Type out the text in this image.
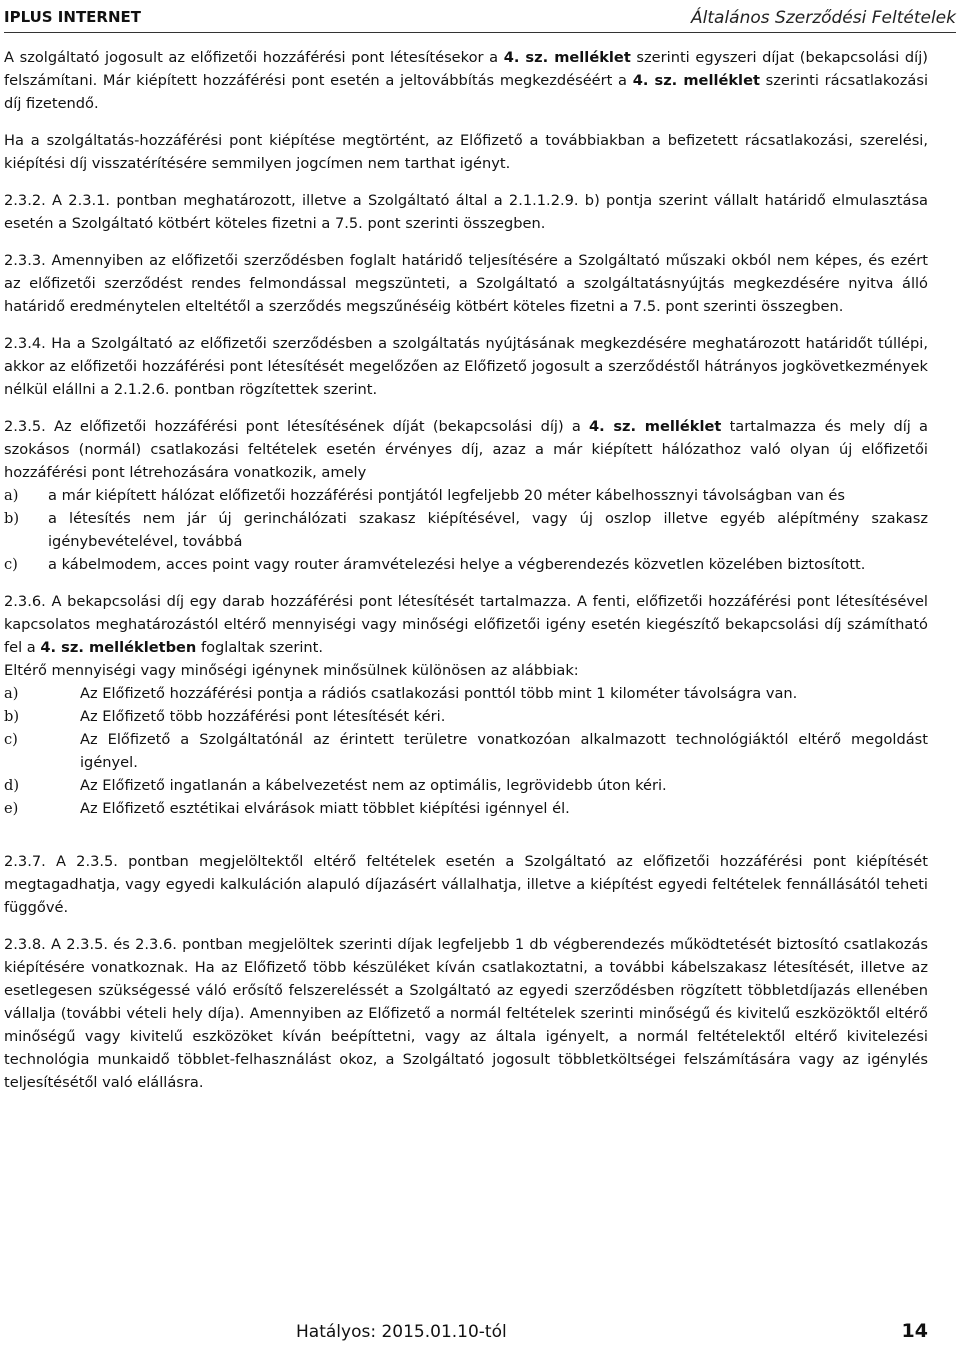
IPLUS INTERNET	Általános Szerződési Feltételek

A szolgáltató jogosult az előfizetői hozzáférési pont létesítésekor a 4. sz. melléklet szerinti egyszeri díjat (bekapcsolási díj) felszámítani. Már kiépített hozzáférési pont esetén a jeltovábbítás megkezdéséért a 4. sz. melléklet szerinti rácsatlakozási díj fizetendő.

Ha a szolgáltatás-hozzáférési pont kiépítése megtörtént, az Előfizető a továbbiakban a befizetett rácsatlakozási, szerelési, kiépítési díj visszatérítésére semmilyen jogcímen nem tarthat igényt.

2.3.2. A 2.3.1. pontban meghatározott, illetve a Szolgáltató által a 2.1.1.2.9. b) pontja szerint vállalt határidő elmulasztása esetén a Szolgáltató kötbért köteles fizetni a 7.5. pont szerinti összegben.

2.3.3. Amennyiben az előfizetői szerződésben foglalt határidő teljesítésére a Szolgáltató műszaki okból nem képes, és ezért az előfizetői szerződést rendes felmondással megszünteti, a Szolgáltató a szolgáltatásnyújtás megkezdésére nyitva álló határidő eredménytelen elteltétől a szerződés megszűnéséig kötbért köteles fizetni a 7.5. pont szerinti összegben.

2.3.4. Ha a Szolgáltató az előfizetői szerződésben a szolgáltatás nyújtásának megkezdésére meghatározott határidőt túllépi, akkor az előfizetői hozzáférési pont létesítését megelőzően az Előfizető jogosult a szerződéstől hátrányos jogkövetkezmények nélkül elállni a 2.1.2.6. pontban rögzítettek szerint.

2.3.5. Az előfizetői hozzáférési pont létesítésének díját (bekapcsolási díj) a 4. sz. melléklet tartalmazza és mely díj a szokásos (normál) csatlakozási feltételek esetén érvényes díj, azaz a már kiépített hálózathoz való olyan új előfizetői hozzáférési pont létrehozására vonatkozik, amely

a)	a már kiépített hálózat előfizetői hozzáférési pontjától legfeljebb 20 méter kábelhossznyi távolságban van és
b)	a létesítés nem jár új gerinchálózati szakasz kiépítésével, vagy új oszlop illetve egyéb alépítmény szakasz igénybevételével, továbbá
c)	a kábelmodem, acces point vagy router áramvételezési helye a végberendezés közvetlen közelében biztosított.

2.3.6. A bekapcsolási díj egy darab hozzáférési pont létesítését tartalmazza. A fenti, előfizetői hozzáférési pont létesítésével kapcsolatos meghatározástól eltérő mennyiségi vagy minőségi előfizetői igény esetén kiegészítő bekapcsolási díj számítható fel a 4. sz. mellékletben foglaltak szerint.

Eltérő mennyiségi vagy minőségi igénynek minősülnek különösen az alábbiak:

a)	Az Előfizető hozzáférési pontja a rádiós csatlakozási ponttól több mint 1 kilométer távolságra van.
b)	Az Előfizető több hozzáférési pont létesítését kéri.
c)	Az Előfizető a Szolgáltatónál az érintett területre vonatkozóan alkalmazott technológiáktól eltérő megoldást igényel.
d)	Az Előfizető ingatlanán a kábelvezetést nem az optimális, legrövidebb úton kéri.
e)	Az Előfizető esztétikai elvárások miatt többlet kiépítési igénnyel él.

2.3.7. A 2.3.5. pontban megjelöltektől eltérő feltételek esetén a Szolgáltató az előfizetői hozzáférési pont kiépítését megtagadhatja, vagy egyedi kalkuláción alapuló díjazásért vállalhatja, illetve a kiépítést egyedi feltételek fennállásától teheti függővé.

2.3.8. A 2.3.5. és 2.3.6. pontban megjelöltek szerinti díjak legfeljebb 1 db végberendezés működtetését biztosító csatlakozás kiépítésére vonatkoznak. Ha az Előfizető több készüléket kíván csatlakoztatni, a további kábelszakasz létesítését, illetve az esetlegesen szükségessé váló erősítő felszereléssét a Szolgáltató az egyedi szerződésben rögzített többletdíjazás ellenében vállalja (további vételi hely díja). Amennyiben az Előfizető a normál feltételek szerinti minőségű és kivitelű eszközöktől eltérő minőségű vagy kivitelű eszközöket kíván beépíttetni, vagy az általa igényelt, a normál feltételektől eltérő kivitelezési technológia munkaidő többlet-felhasználást okoz, a Szolgáltató jogosult többletköltségei felszámítására vagy az igénylés teljesítésétől való elállásra.

Hatályos: 2015.01.10-tól	14
